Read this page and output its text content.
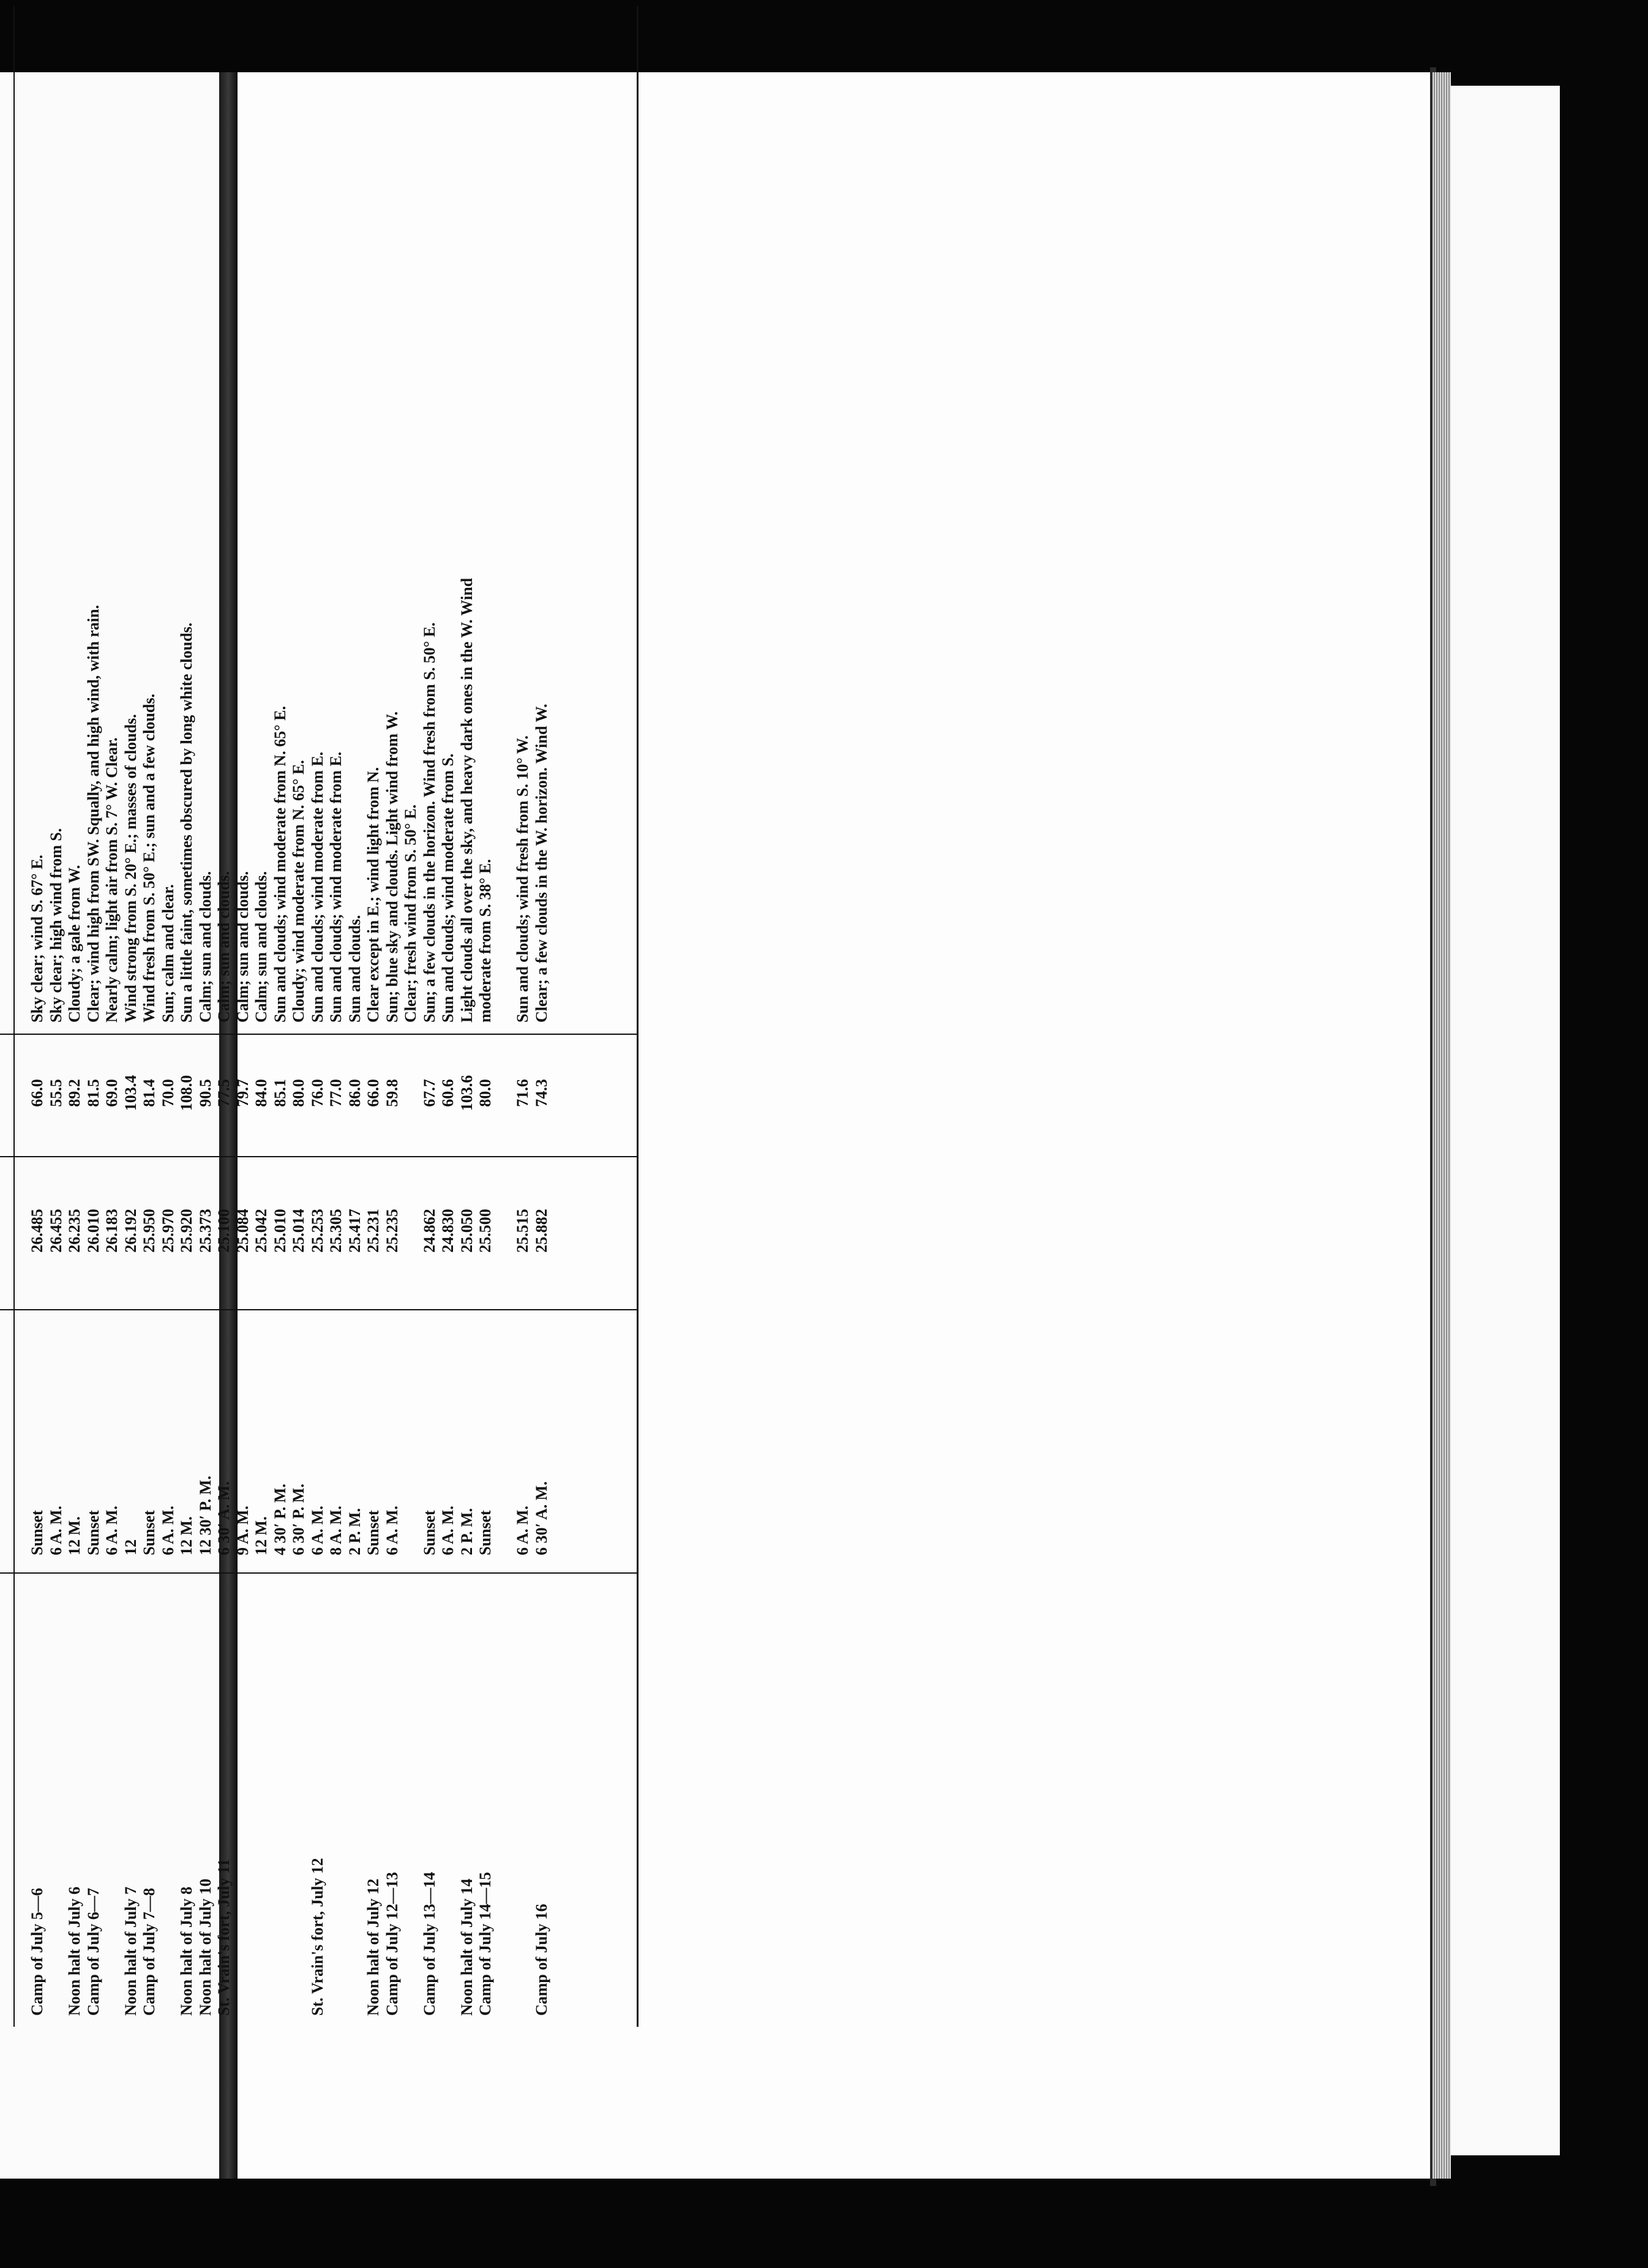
Camp of July 5—6
Sunset
26.485
66.0
Sky clear; wind S. 67° E.
6 A. M.
26.455
55.5
Sky clear; high wind from S.
Noon halt of July 6
12 M.
26.235
89.2
Cloudy; a gale from W.
Camp of July 6—7
Sunset
26.010
81.5
Clear; wind high from SW. Squally, and high wind, with rain.
6 A. M.
26.183
69.0
Nearly calm; light air from S. 7° W. Clear.
Noon halt of July 7
12
26.192
103.4
Wind strong from S. 20° E.; masses of clouds.
Camp of July 7—8
Sunset
25.950
81.4
Wind fresh from S. 50° E.; sun and a few clouds.
6 A. M.
25.970
70.0
Sun; calm and clear.
Noon halt of July 8
12 M.
25.920
108.0
Sun a little faint, sometimes obscured by long white clouds.
Noon halt of July 10
12 30′ P. M.
25.373
90.5
Calm; sun and clouds.
St. Vrain's fort, July 11
6 30′ A. M.
25.100
77.5
Calm; sun and clouds.
9 A. M.
25.084
79.7
Calm; sun and clouds.
12 M.
25.042
84.0
Calm; sun and clouds.
4 30′ P. M.
25.010
85.1
Sun and clouds; wind moderate from N. 65° E.
6 30′ P. M.
25.014
80.0
Cloudy; wind moderate from N. 65° E.
St. Vrain's fort, July 12
6 A. M.
25.253
76.0
Sun and clouds; wind moderate from E.
8 A. M.
25.305
77.0
Sun and clouds; wind moderate from E.
2 P. M.
25.417
86.0
Sun and clouds.
Noon halt of July 12
Sunset
25.231
66.0
Clear except in E.; wind light from N.
Camp of July 12—13
6 A. M.
25.235
59.8
Sun; blue sky and clouds. Light wind from W. Clear; fresh wind from S. 50° E.
Camp of July 13—14
Sunset
24.862
67.7
Sun; a few clouds in the horizon. Wind fresh from S. 50° E.
6 A. M.
24.830
60.6
Sun and clouds; wind moderate from S.
Noon halt of July 14
2 P. M.
25.050
103.6
Light clouds all over the sky, and heavy dark ones in the W. Wind
Camp of July 14—15
Sunset
25.500
80.0
moderate from S. 38° E.
6 A. M.
25.515
71.6
Sun and clouds; wind fresh from S. 10° W.
Camp of July 16
6 30′ A. M.
25.882
74.3
Clear; a few clouds in the W. horizon. Wind W.
